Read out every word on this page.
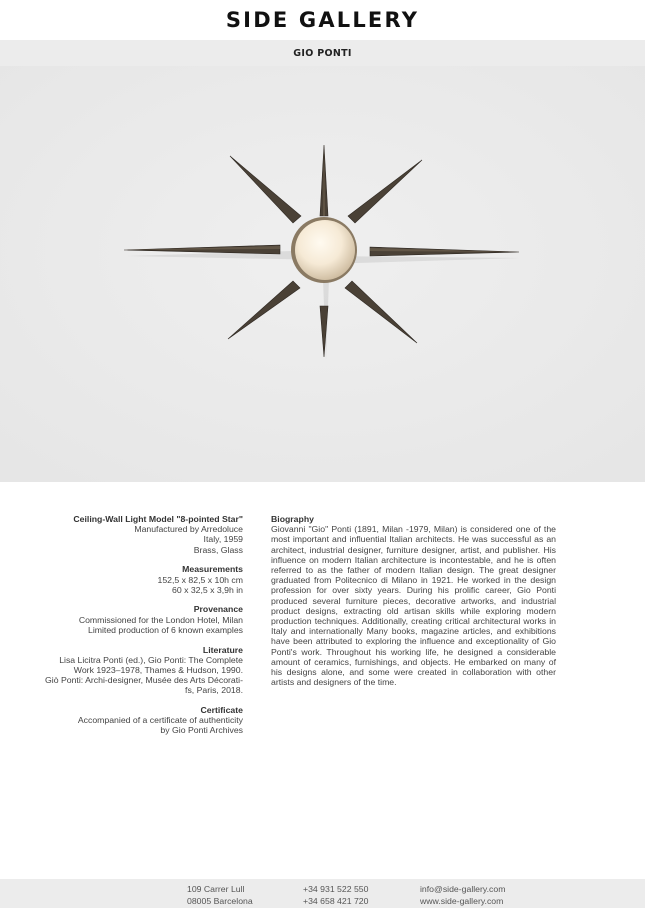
SIDE GALLERY
GIO PONTI
Ceiling-Wall Light Model "8-pointed Star"
Manufactured by Arredoluce
Italy, 1959
Brass, Glass
Measurements
152,5 x 82,5 x 10h cm
60 x 32,5 x 3,9h in
Provenance
Commissioned for the London Hotel, Milan
Limited production of 6 known examples
Literature
Lisa Licitra Ponti (ed.), Gio Ponti: The Complete
Work 1923–1978, Thames & Hudson, 1990.
Giò Ponti: Archi-designer, Musée des Arts Décorati-
fs, Paris, 2018.
Certificate
Accompanied of a certificate of authenticity
by Gio Ponti Archives
Biography
Giovanni "Gio" Ponti (1891, Milan -1979, Milan) is considered one of the most important and influential Italian architects. He was successful as an architect, industrial designer, furniture designer, artist, and publisher. His influence on modern Italian architecture is incontestable, and he is often referred to as the father of modern Italian design. The great designer graduated from Politecnico di Milano in 1921. He worked in the design profession for over sixty years. During his prolific career, Gio Ponti produced several furniture pieces, decorative artworks, and industrial product designs, extracting old artisan skills while exploring modern production techniques. Additionally, creating critical architectural works in Italy and internationally Many books, magazine articles, and exhibitions have been attributed to exploring the influence and exceptionality of Gio Ponti's work. Throughout his working life, he designed a considerable amount of ceramics, furnishings, and objects. He embarked on many of his designs alone, and some were created in collaboration with other artists and designers of the time.
109 Carrer Lull
08005 Barcelona
+34 931 522 550
+34 658 421 720
info@side-gallery.com
www.side-gallery.com
